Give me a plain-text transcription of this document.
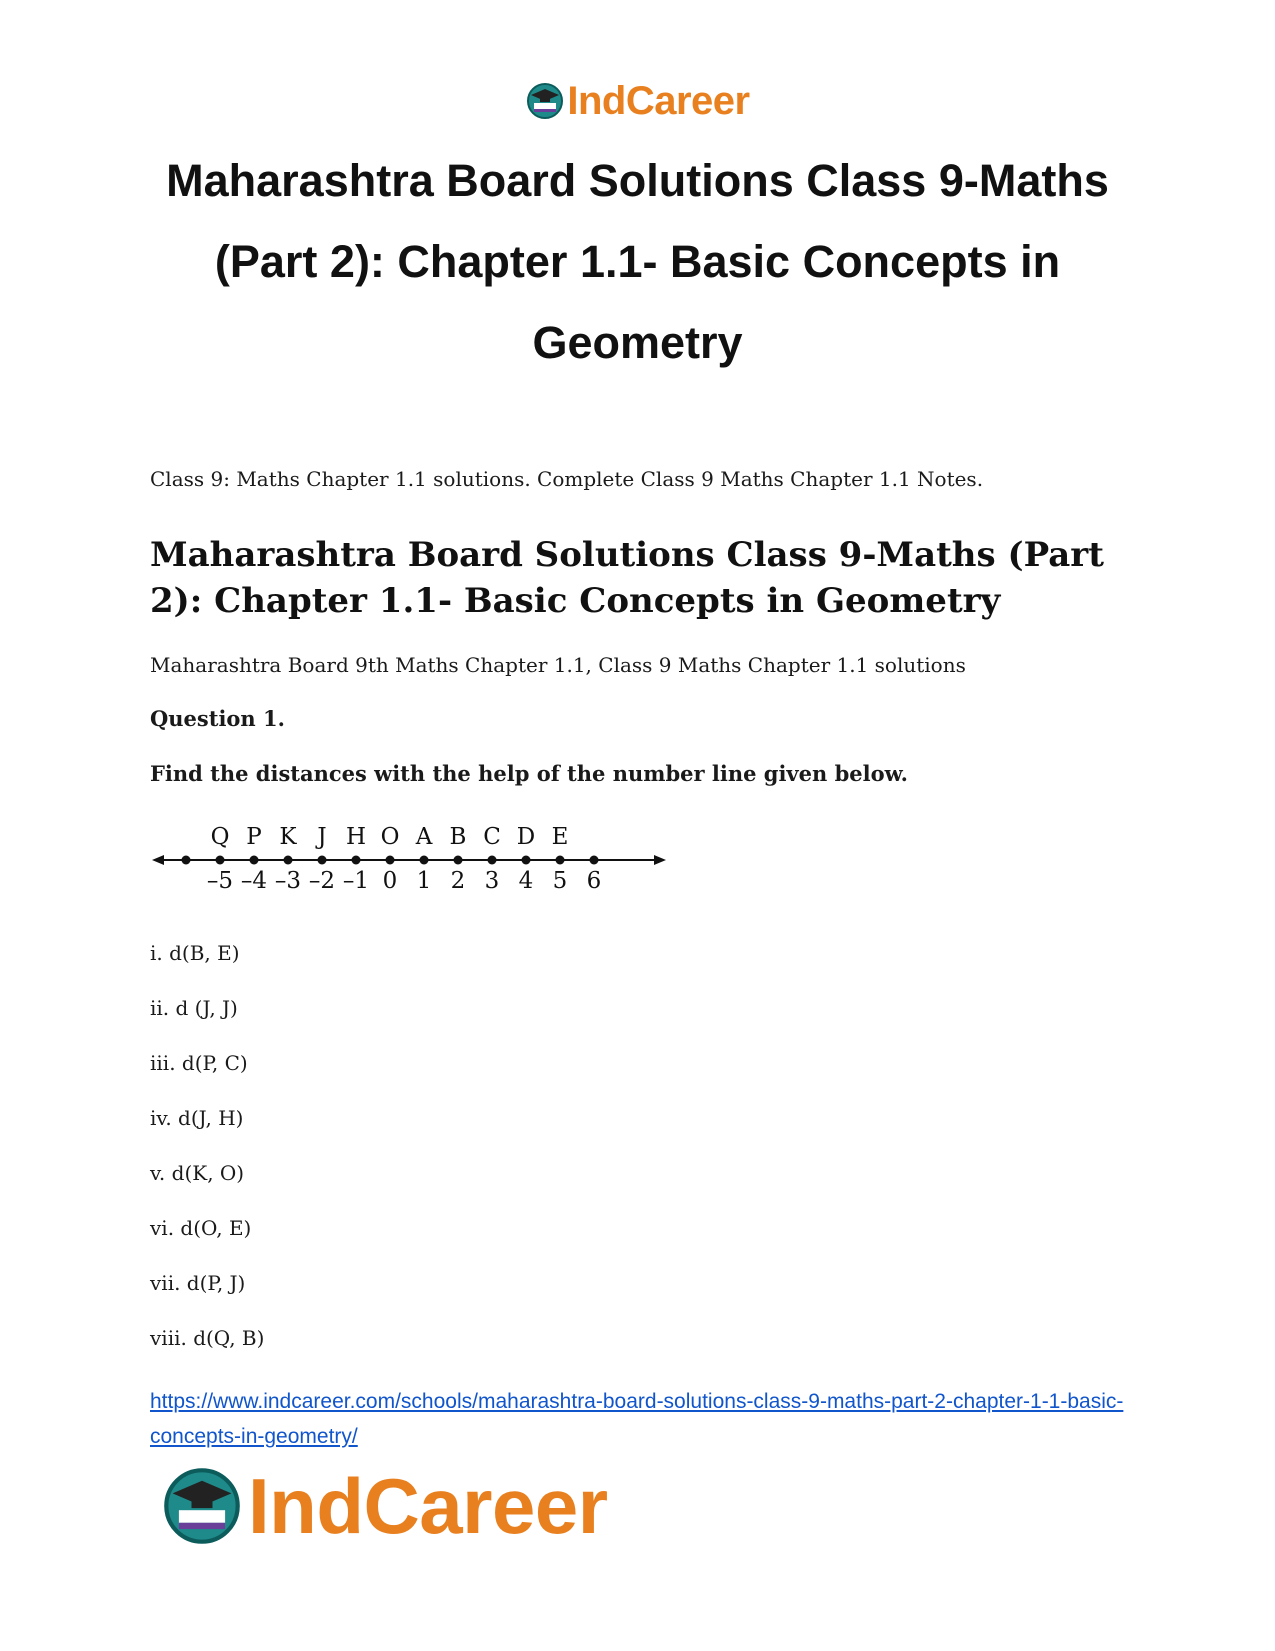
IndCareer
Maharashtra Board Solutions Class 9-Maths (Part 2): Chapter 1.1- Basic Concepts in Geometry

Class 9: Maths Chapter 1.1 solutions. Complete Class 9 Maths Chapter 1.1 Notes.

Maharashtra Board Solutions Class 9-Maths (Part 2): Chapter 1.1- Basic Concepts in Geometry

Maharashtra Board 9th Maths Chapter 1.1, Class 9 Maths Chapter 1.1 solutions

Question 1.

Find the distances with the help of the number line given below.

Q
–5
P
–4
K
–3
J
–2
H
–1
O
0
A
1
B
2
C
3
D
4
E
5 6

i. d(B, E)

ii. d (J, J)

iii. d(P, C)

iv. d(J, H)

v. d(K, O)

vi. d(O, E)

vii. d(P, J)

viii. d(Q, B)

https://www.indcareer.com/schools/maharashtra-board-solutions-class-9-maths-part-2-chapter-1-1-basic-concepts-in-geometry/
IndCareer
